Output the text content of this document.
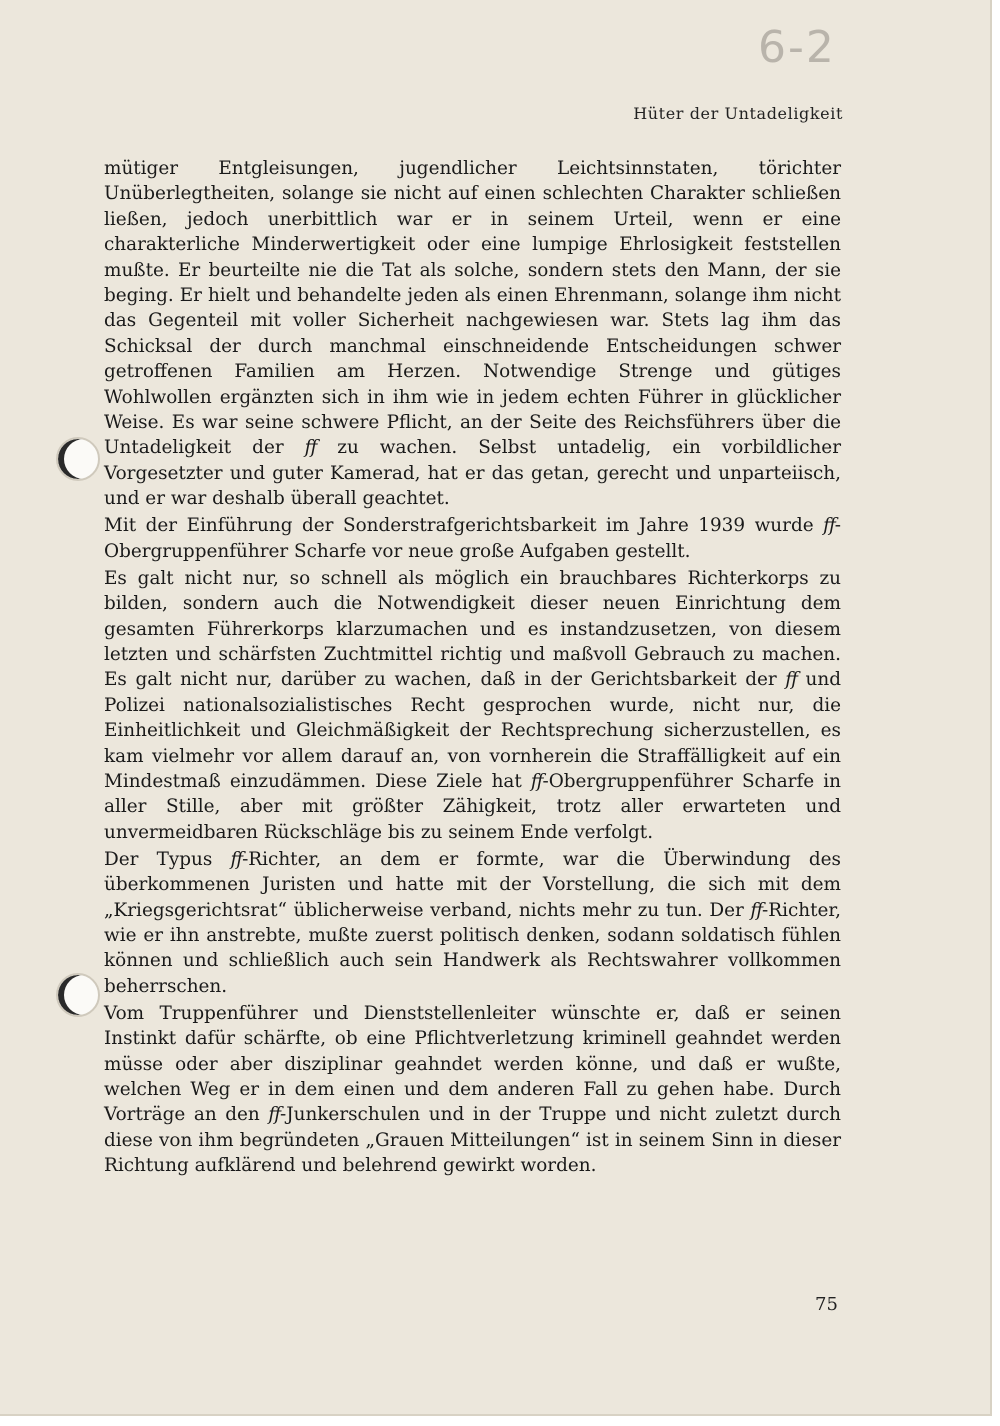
6-2
Hüter der Untadeligkeit

mütiger Entgleisungen, jugendlicher Leichtsinnstaten, törichter Unüberlegtheiten, solange sie nicht auf einen schlechten Charakter schließen ließen, jedoch unerbittlich war er in seinem Urteil, wenn er eine charakterliche Minderwertigkeit oder eine lumpige Ehrlosigkeit feststellen mußte. Er beurteilte nie die Tat als solche, sondern stets den Mann, der sie beging. Er hielt und behandelte jeden als einen Ehrenmann, solange ihm nicht das Gegenteil mit voller Sicherheit nachgewiesen war. Stets lag ihm das Schicksal der durch manchmal einschneidende Entscheidungen schwer getroffenen Familien am Herzen. Notwendige Strenge und gütiges Wohlwollen ergänzten sich in ihm wie in jedem echten Führer in glücklicher Weise. Es war seine schwere Pflicht, an der Seite des Reichsführers über die Untadeligkeit der ff zu wachen. Selbst untadelig, ein vorbildlicher Vorgesetzter und guter Kamerad, hat er das getan, gerecht und unparteiisch, und er war deshalb überall geachtet.

Mit der Einführung der Sonderstrafgerichtsbarkeit im Jahre 1939 wurde ff-Obergruppenführer Scharfe vor neue große Aufgaben gestellt.

Es galt nicht nur, so schnell als möglich ein brauchbares Richterkorps zu bilden, sondern auch die Notwendigkeit dieser neuen Einrichtung dem gesamten Führerkorps klarzumachen und es instandzusetzen, von diesem letzten und schärfsten Zuchtmittel richtig und maßvoll Gebrauch zu machen. Es galt nicht nur, darüber zu wachen, daß in der Gerichtsbarkeit der ff und Polizei nationalsozialistisches Recht gesprochen wurde, nicht nur, die Einheitlichkeit und Gleichmäßigkeit der Rechtsprechung sicherzustellen, es kam vielmehr vor allem darauf an, von vornherein die Straffälligkeit auf ein Mindestmaß einzudämmen. Diese Ziele hat ff-Obergruppenführer Scharfe in aller Stille, aber mit größter Zähigkeit, trotz aller erwarteten und unvermeidbaren Rückschläge bis zu seinem Ende verfolgt.

Der Typus ff-Richter, an dem er formte, war die Überwindung des überkommenen Juristen und hatte mit der Vorstellung, die sich mit dem „Kriegsgerichtsrat“ üblicherweise verband, nichts mehr zu tun. Der ff-Richter, wie er ihn anstrebte, mußte zuerst politisch denken, sodann soldatisch fühlen können und schließlich auch sein Handwerk als Rechtswahrer vollkommen beherrschen.

Vom Truppenführer und Dienststellenleiter wünschte er, daß er seinen Instinkt dafür schärfte, ob eine Pflichtverletzung kriminell geahndet werden müsse oder aber disziplinar geahndet werden könne, und daß er wußte, welchen Weg er in dem einen und dem anderen Fall zu gehen habe. Durch Vorträge an den ff-Junkerschulen und in der Truppe und nicht zuletzt durch diese von ihm begründeten „Grauen Mitteilungen“ ist in seinem Sinn in dieser Richtung aufklärend und belehrend gewirkt worden.

75
